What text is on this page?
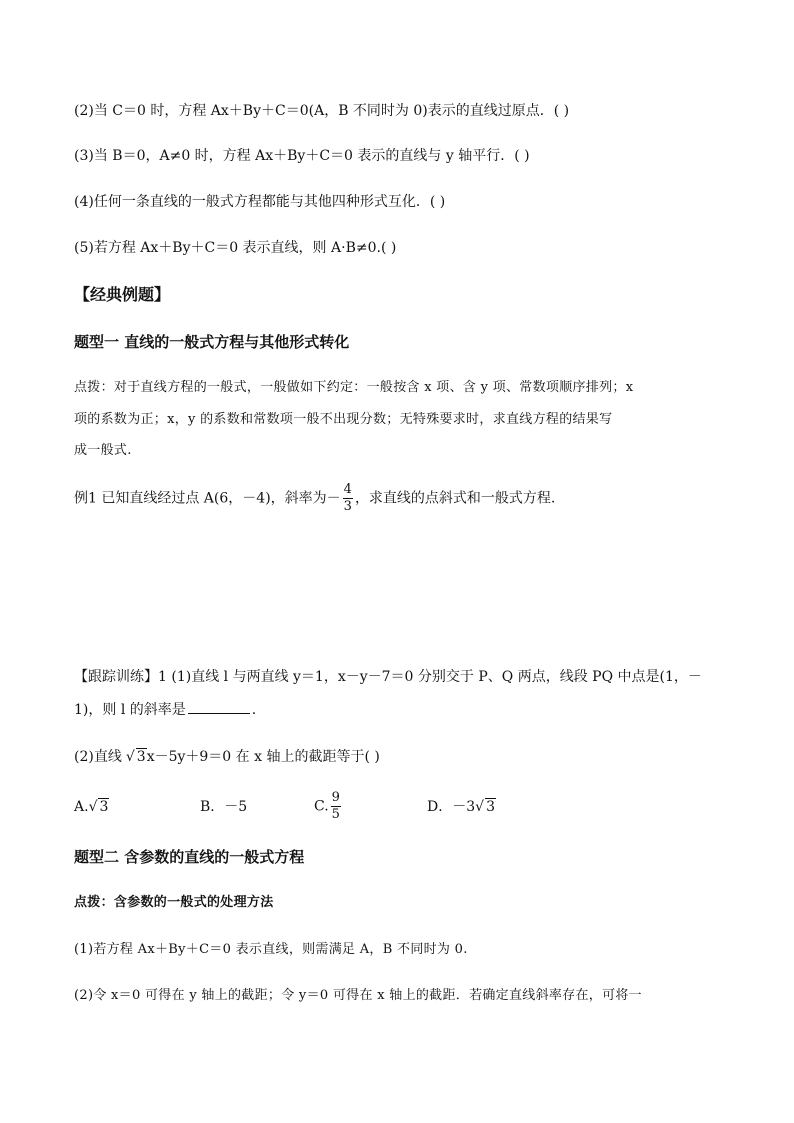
(2)当 C＝0 时，方程 Ax＋By＋C＝0(A，B 不同时为 0)表示的直线过原点．( )
(3)当 B＝0，A≠0 时，方程 Ax＋By＋C＝0 表示的直线与 y 轴平行．( )
(4)任何一条直线的一般式方程都能与其他四种形式互化．( )
(5)若方程 Ax＋By＋C＝0 表示直线，则 A·B≠0.( )
【经典例题】
题型一 直线的一般式方程与其他形式转化
点拨：对于直线方程的一般式，一般做如下约定：一般按含 x 项、含 y 项、常数项顺序排列；x
项的系数为正；x，y 的系数和常数项一般不出现分数；无特殊要求时，求直线方程的结果写
成一般式.
例1 已知直线经过点 A(6，－4)，斜率为－ $\frac{4}{3}$ ，求直线的点斜式和一般式方程.
【跟踪训练】1 (1)直线 l 与两直线 y＝1，x－y－7＝0 分别交于 P、Q 两点，线段 PQ 中点是(1，－
1)，则 l 的斜率是	.
(2)直线 √ 3x－5y＋9＝0 在 x 轴上的截距等于( )
A.√ 3	B．－5	C. $\frac{9}{5}$	D．－3√ 3
题型二 含参数的直线的一般式方程
点拨：含参数的一般式的处理方法
(1)若方程 Ax＋By＋C＝0 表示直线，则需满足 A，B 不同时为 0.
(2)令 x＝0 可得在 y 轴上的截距；令 y＝0 可得在 x 轴上的截距．若确定直线斜率存在，可将一
